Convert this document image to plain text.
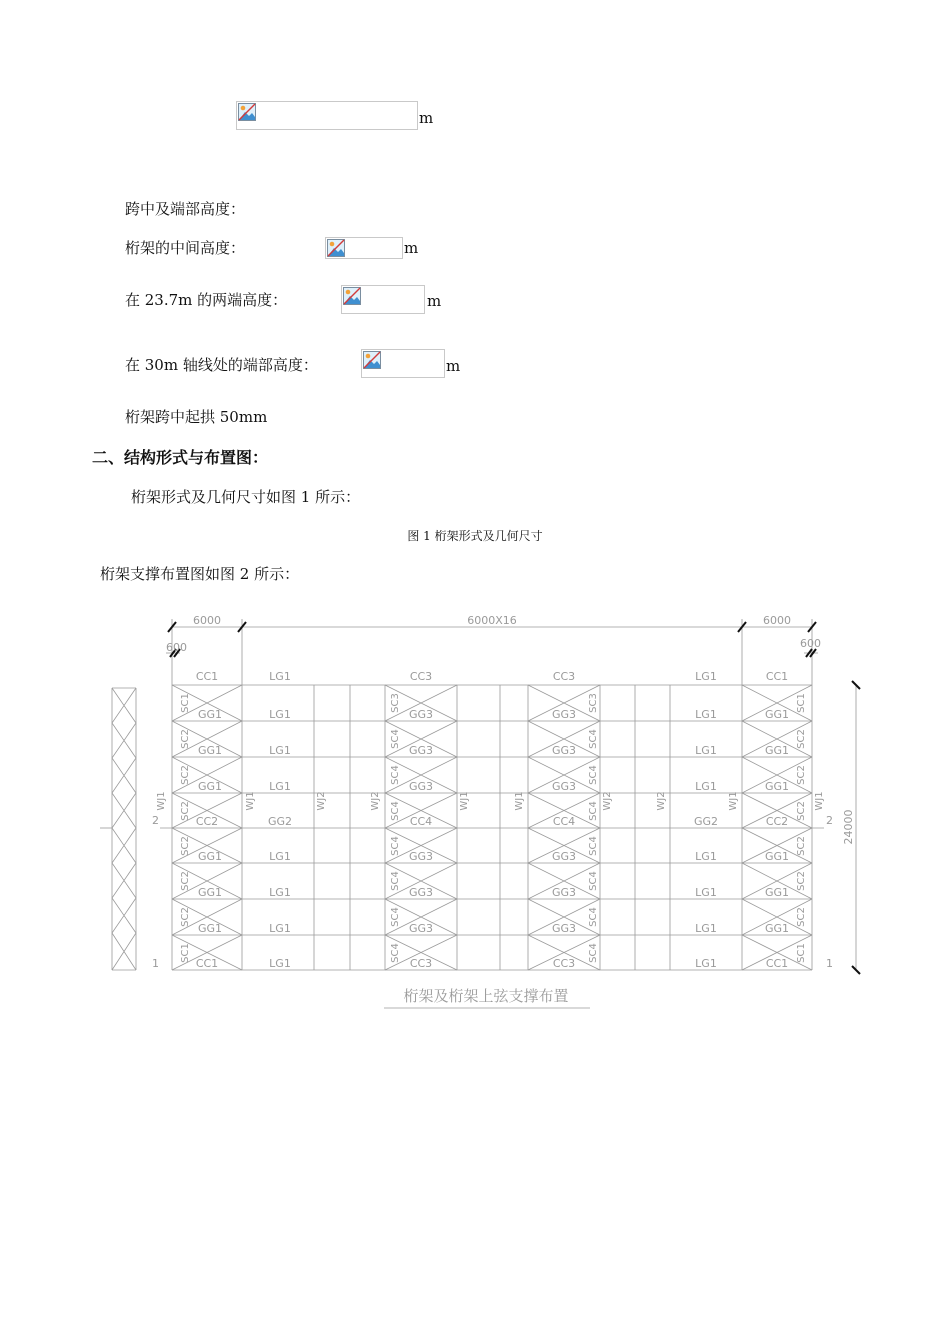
m
跨中及端部高度：
桁架的中间高度：	m
在 23.7m 的两端高度：	m
在 30m 轴线处的端部高度：	m
桁架跨中起拱 50mm
二、结构形式与布置图：
桁架形式及几何尺寸如图 1 所示：
图 1 桁架形式及几何尺寸
桁架支撑布置图如图 2 所示：
6000	6000X16	6000
600	600
24000
1
2
1
2
CC1	LG1	CC3	CC3	LG1	CC1
CC2	GG2	CC4	CC4	GG2	CC2
CC1	LG1	CC3	CC3	LG1	CC1
GG1
GG1
GG1
GG1
GG1
GG1
LG1
LG1
LG1
LG1
LG1
LG1
GG3
GG3
GG3
GG3
GG3
GG3
GG3
GG3
GG3
GG3
GG3
GG3
LG1
LG1
LG1
LG1
LG1
LG1
GG1
GG1
GG1
GG1
GG1
GG1
SC1
SC2
SC2
SC2
SC2
SC2
SC2
SC1
SC3
SC4
SC4
SC4
SC4
SC4
SC4
SC4
SC3
SC4
SC4
SC4
SC4
SC4
SC4
SC4
SC1
SC2
SC2
SC2
SC2
SC2
SC2
SC1
WJ1	WJ1	WJ2	WJ2	WJ1	WJ1	WJ2	WJ2	WJ1	WJ1
桁架及桁架上弦支撑布置
